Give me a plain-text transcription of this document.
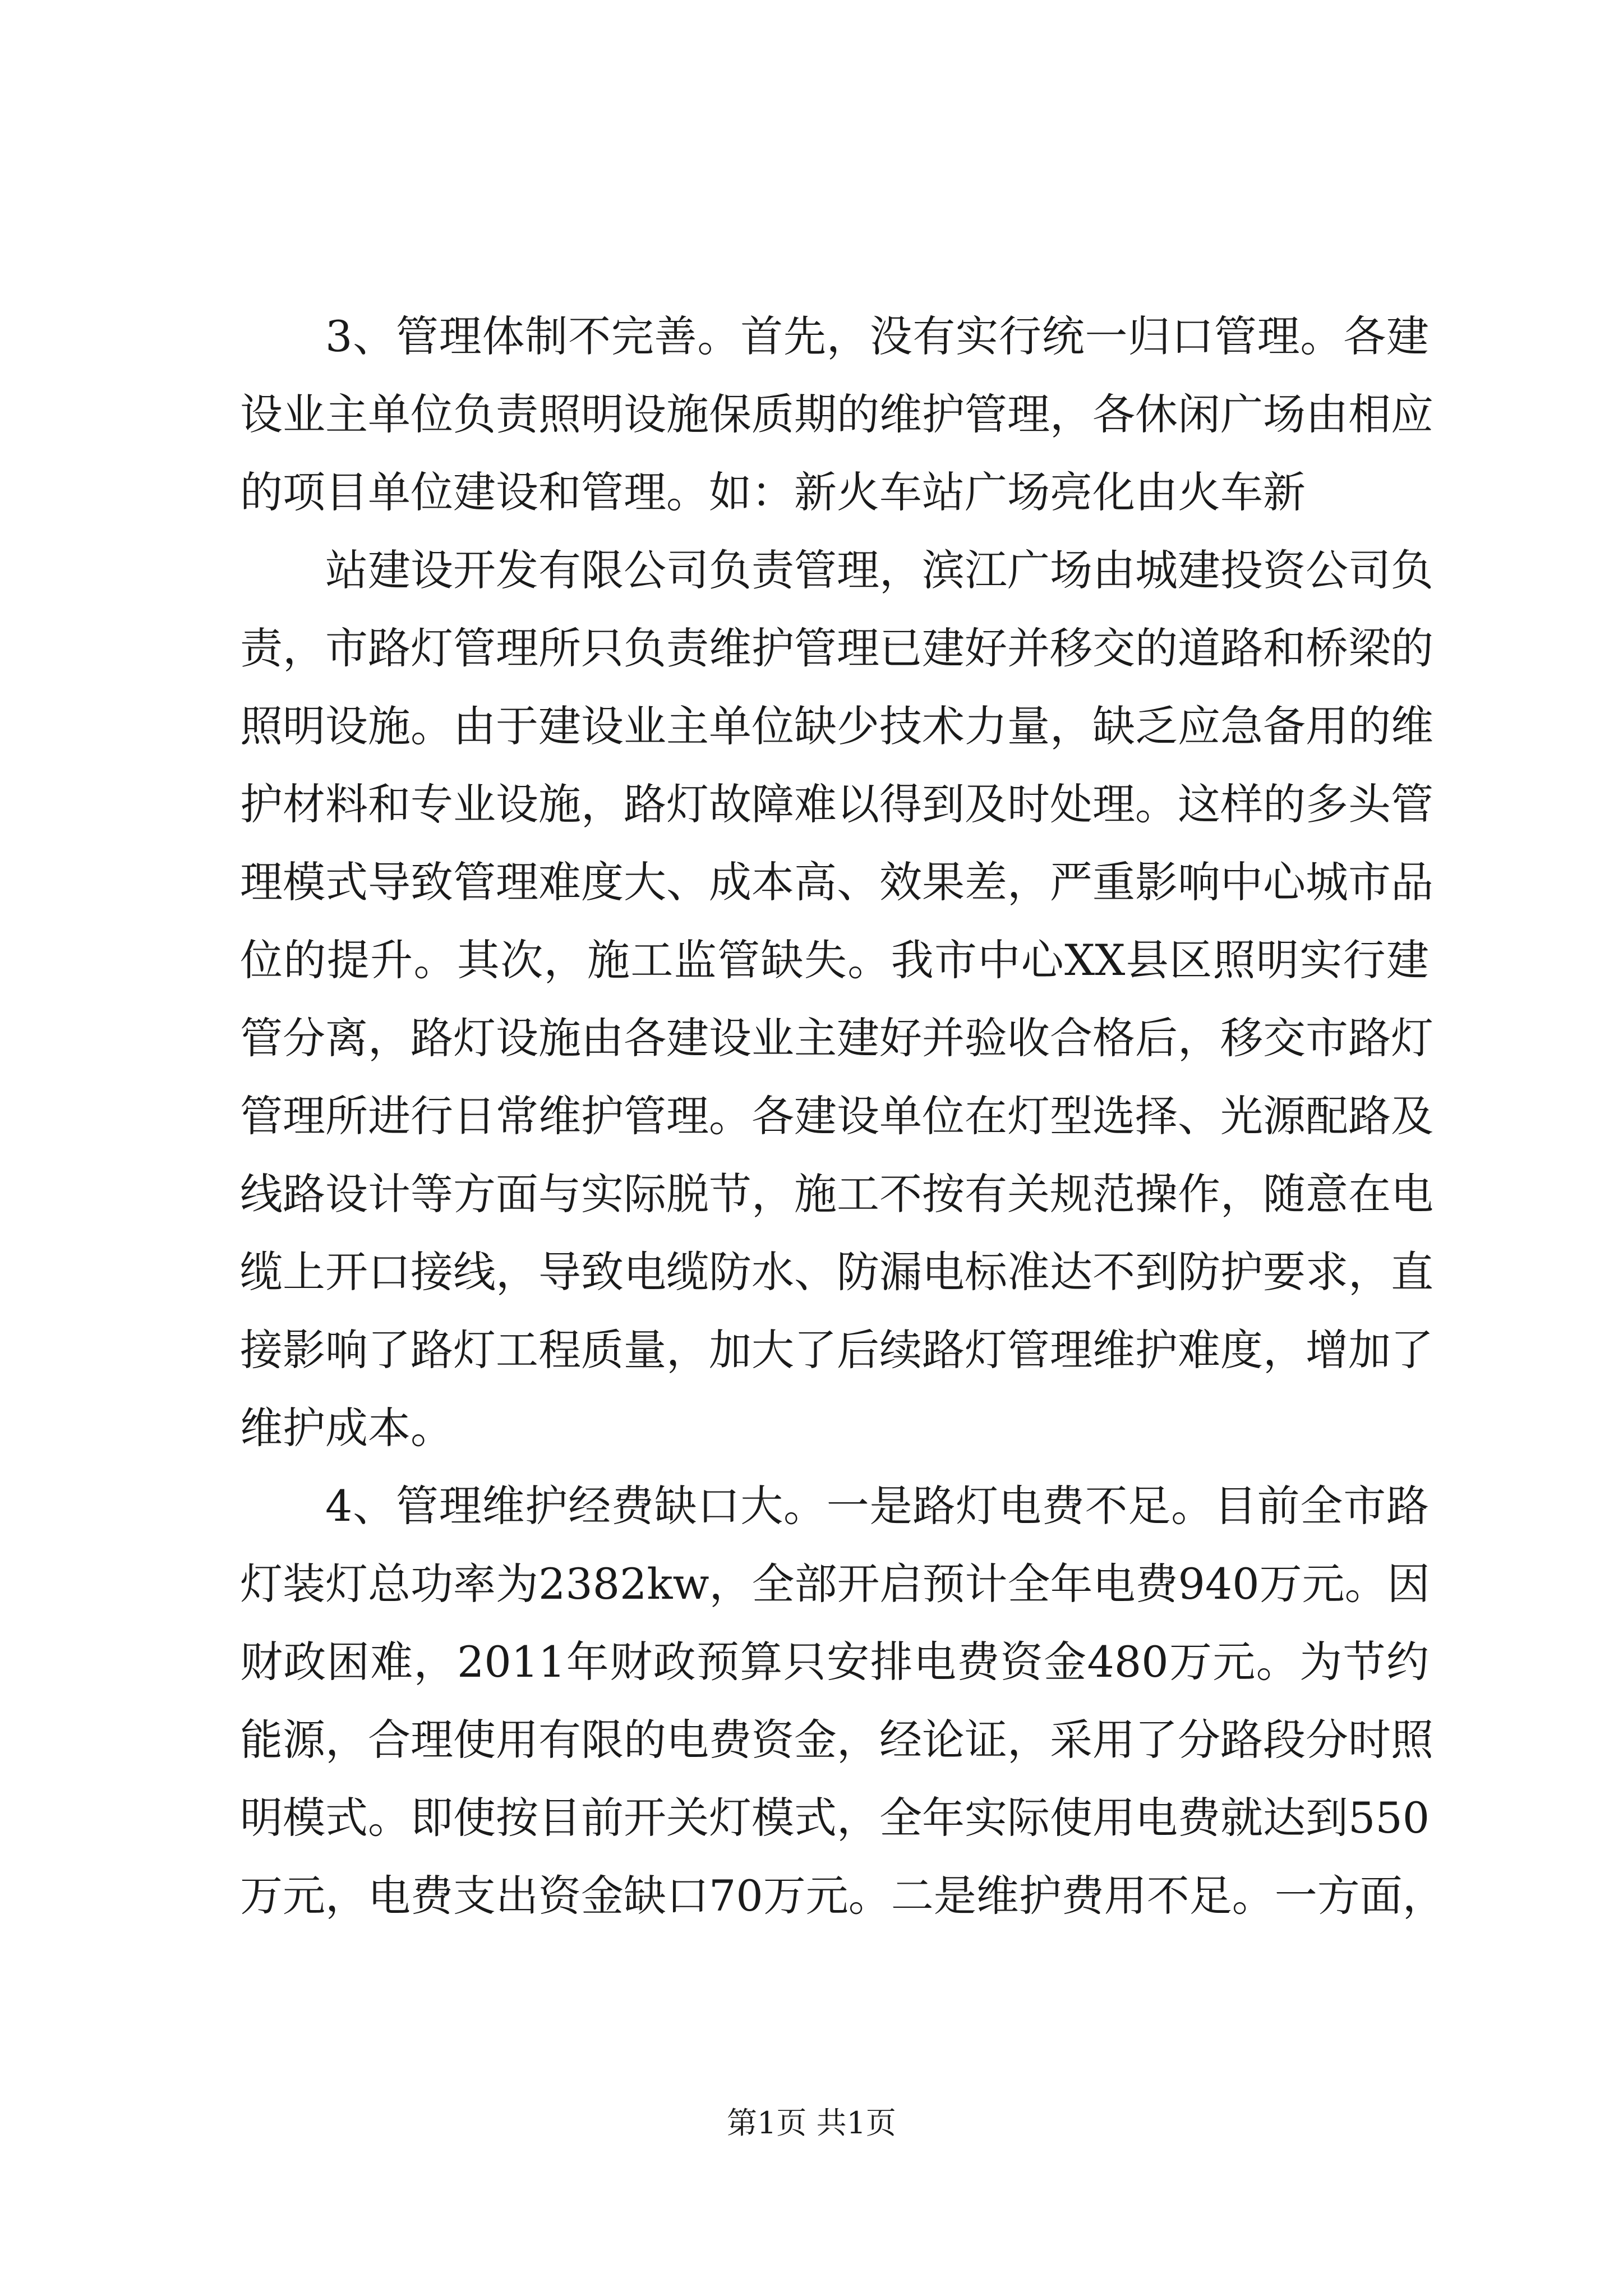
3、管理体制不完善。首先，没有实行统一归口管理。各建
设业主单位负责照明设施保质期的维护管理，各休闲广场由相应
的项目单位建设和管理。如：新火车站广场亮化由火车新
站建设开发有限公司负责管理，滨江广场由城建投资公司负
责，市路灯管理所只负责维护管理已建好并移交的道路和桥梁的
照明设施。由于建设业主单位缺少技术力量，缺乏应急备用的维
护材料和专业设施，路灯故障难以得到及时处理。这样的多头管
理模式导致管理难度大、成本高、效果差，严重影响中心城市品
位的提升。其次，施工监管缺失。我市中心XX县区照明实行建
管分离，路灯设施由各建设业主建好并验收合格后，移交市路灯
管理所进行日常维护管理。各建设单位在灯型选择、光源配路及
线路设计等方面与实际脱节，施工不按有关规范操作，随意在电
缆上开口接线，导致电缆防水、防漏电标准达不到防护要求，直
接影响了路灯工程质量，加大了后续路灯管理维护难度，增加了
维护成本。
4、管理维护经费缺口大。一是路灯电费不足。目前全市路
灯装灯总功率为2382kw，全部开启预计全年电费940万元。因
财政困难，2011年财政预算只安排电费资金480万元。为节约
能源，合理使用有限的电费资金，经论证，采用了分路段分时照
明模式。即使按目前开关灯模式，全年实际使用电费就达到550
万元，电费支出资金缺口70万元。二是维护费用不足。一方面，
第1页 共1页
